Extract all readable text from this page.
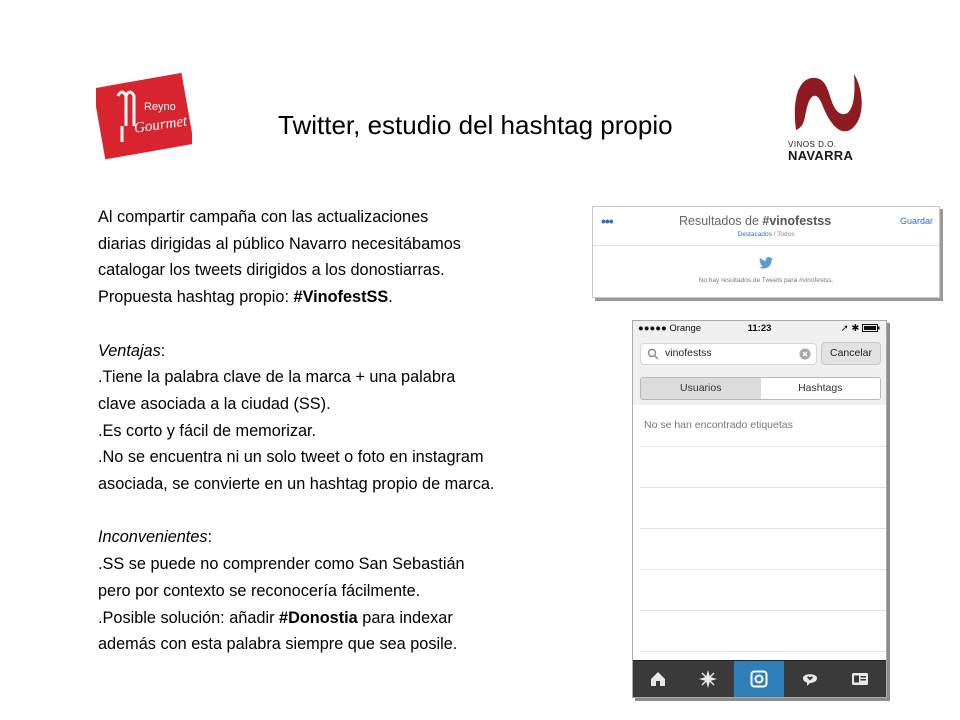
Reyno
Gourmet
VINOS D.O.
NAVARRA
Twitter, estudio del hashtag propio

Al compartir campaña con las actualizaciones

diarias dirigidas al público Navarro necesitábamos

catalogar los tweets dirigidos a los donostiarras.

Propuesta hashtag propio: #VinofestSS.

Ventajas:

.Tiene la palabra clave de la marca + una palabra

clave asociada a la ciudad (SS).

.Es corto y fácil de memorizar.

.No se encuentra ni un solo tweet o foto en instagram

asociada, se convierte en un hashtag propio de marca.

Inconvenientes:

.SS se puede no comprender como San Sebastián

pero por contexto se reconocería fácilmente.

.Posible solución: añadir #Donostia para indexar

además con esta palabra siempre que sea posile.

•••	Resultados de #vinofestss	Guardar
Destacados / Todos
No hay resultados de Tweets para #vinofestss.
●●●●● Orange	11:23	➚ ✱
vinofestss	Cancelar
Usuarios	Hashtags
No se han encontrado etiquetas
